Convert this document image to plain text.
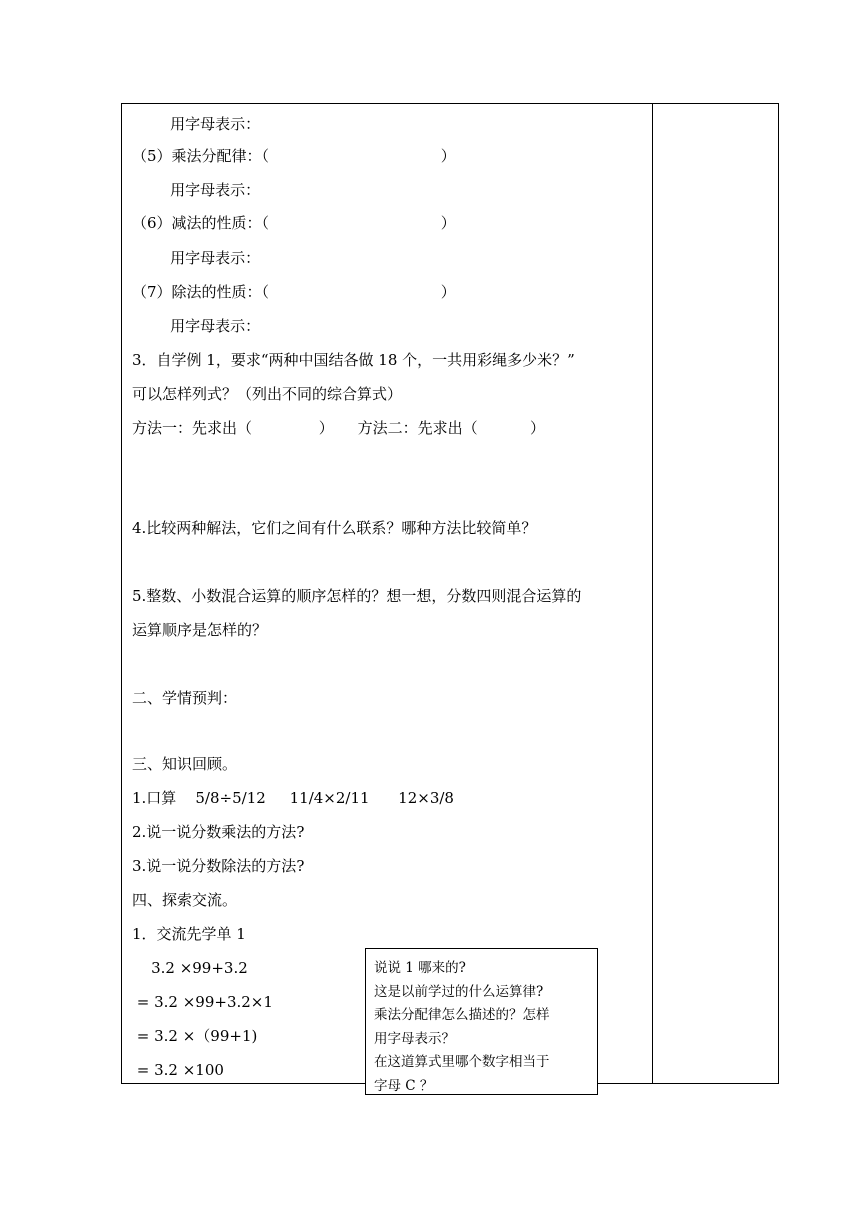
用字母表示：
（5）乘法分配律：（                                    ）
用字母表示：
（6）减法的性质：（                                    ）
用字母表示：
（7）除法的性质：（                                    ）
用字母表示：
3．自学例 1，要求“两种中国结各做 18 个，一共用彩绳多少米？”
可以怎样列式？（列出不同的综合算式）
方法一：先求出（              ）     方法二：先求出（           ）
4.比较两种解法，它们之间有什么联系？哪种方法比较简单？
5.整数、小数混合运算的顺序怎样的？想一想，分数四则混合运算的
运算顺序是怎样的？
二、学情预判：
三、知识回顾。
1.口算    5/8÷5/12     11/4×2/11      12×3/8
2.说一说分数乘法的方法?
3.说一说分数除法的方法?
四、探索交流。
1．交流先学单 1
3.2 ×99+3.2
= 3.2 ×99+3.2×1
= 3.2 ×（99+1)
= 3.2 ×100
说说 1 哪来的?
这是以前学过的什么运算律?
乘法分配律怎么描述的？怎样
用字母表示？
在这道算式里哪个数字相当于
字母 C ？
